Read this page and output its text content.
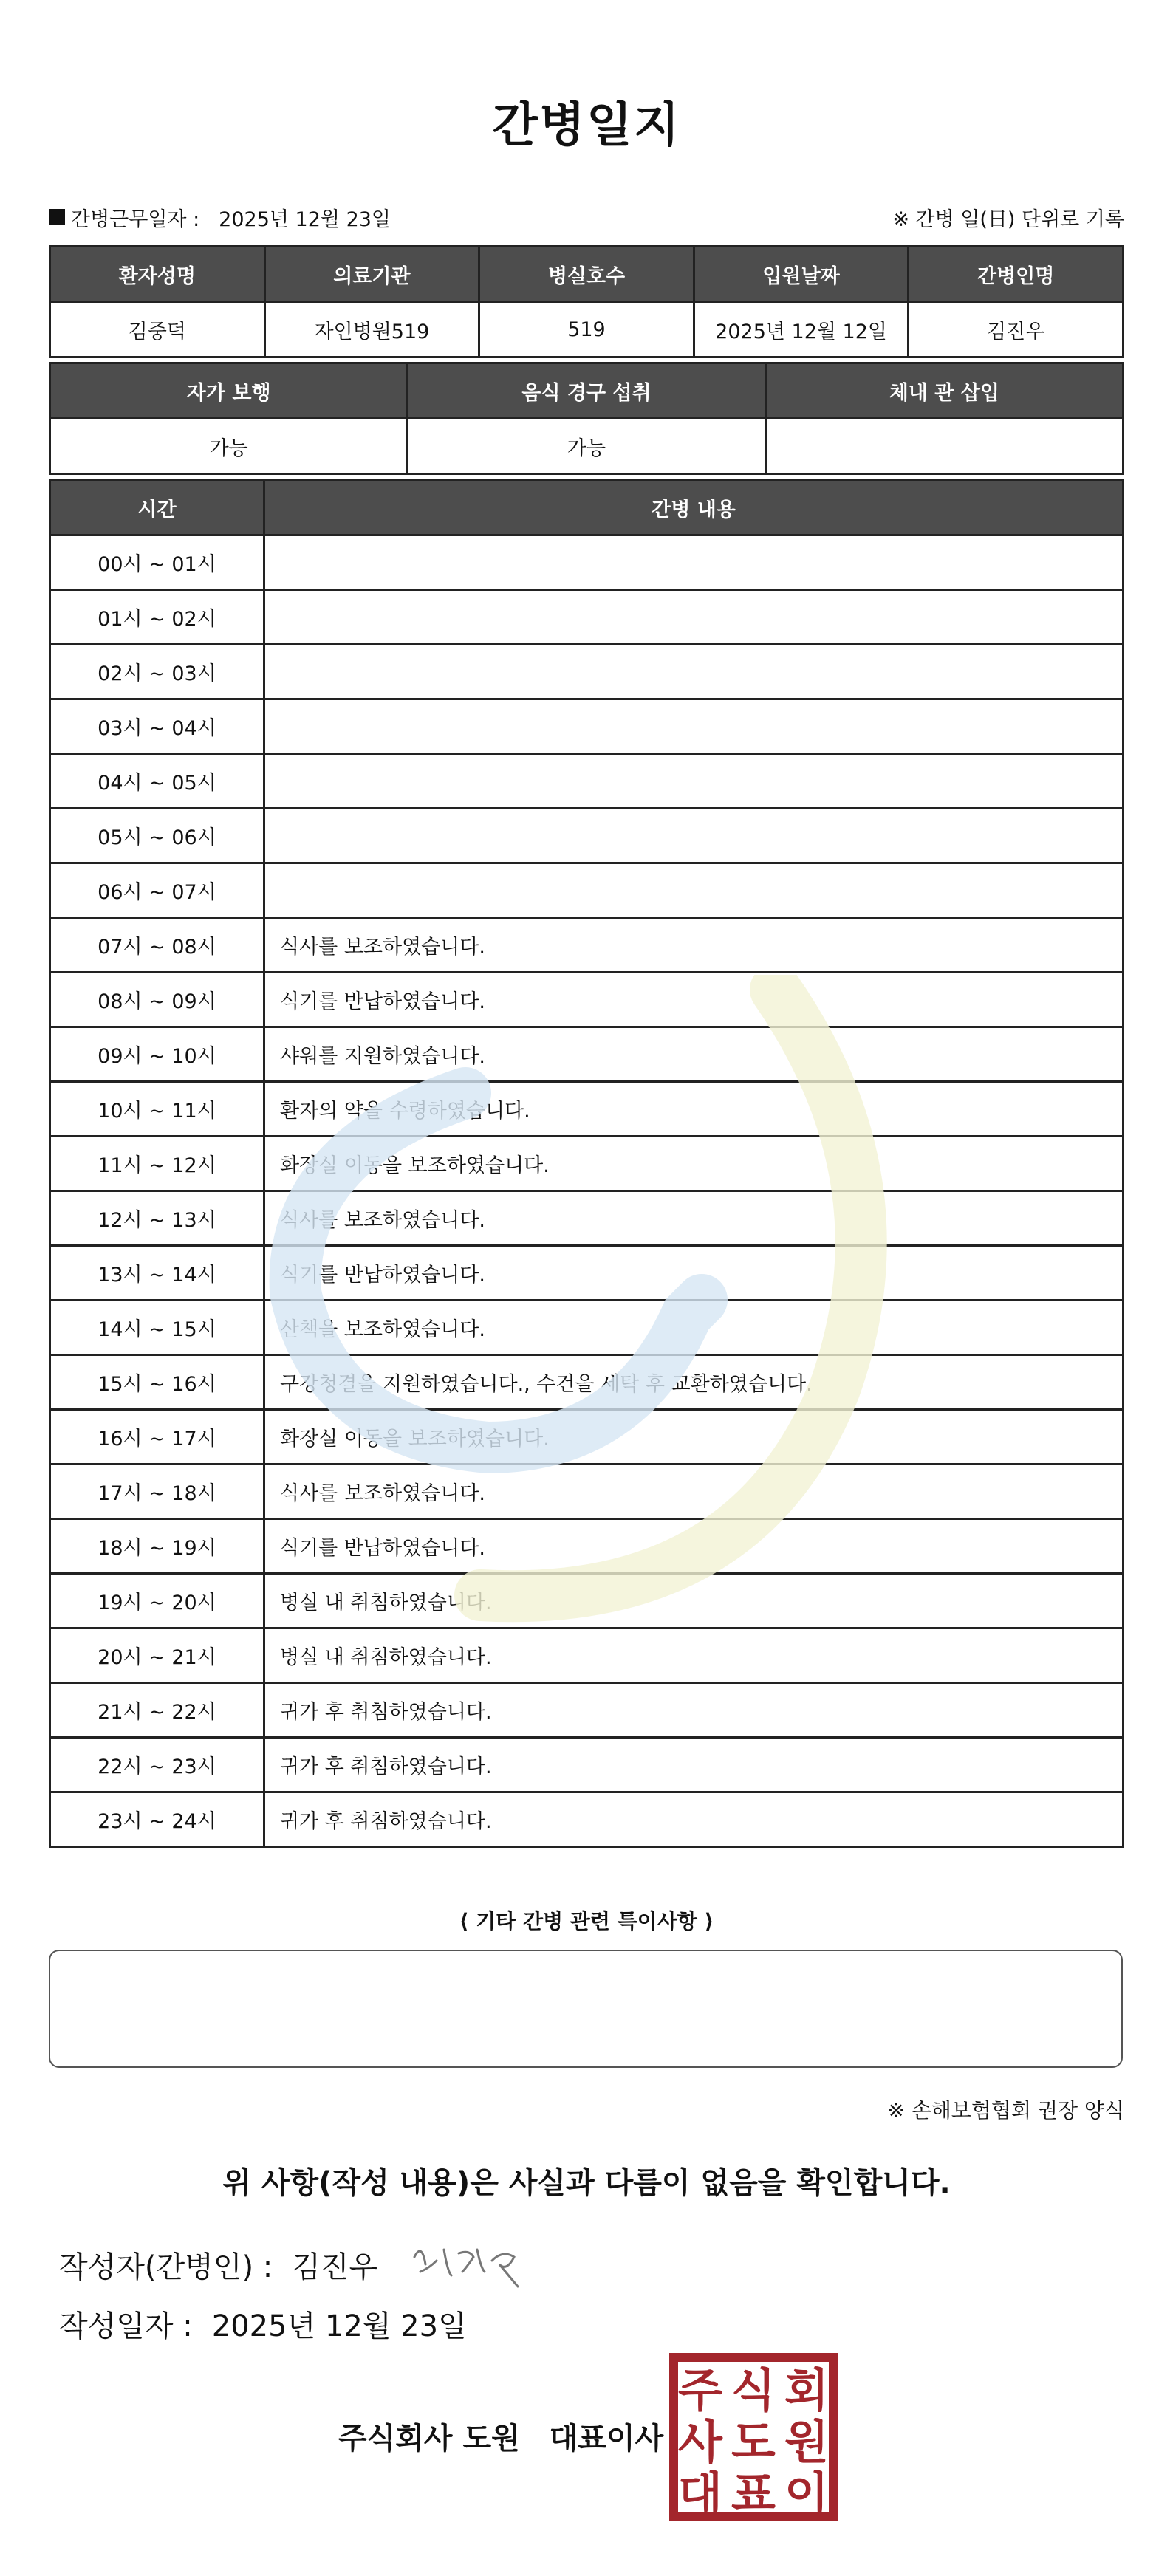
간병일지
간병근무일자 : 2025년 12월 23일	※ 간병 일(日) 단위로 기록
환자성명	의료기관	병실호수	입원날짜	간병인명
김중덕	자인병원519	519	2025년 12월 12일	김진우
자가 보행	음식 경구 섭취	체내 관 삽입
가능	가능	
시간	간병 내용
00시 ~ 01시	
01시 ~ 02시	
02시 ~ 03시	
03시 ~ 04시	
04시 ~ 05시	
05시 ~ 06시	
06시 ~ 07시	
07시 ~ 08시	식사를 보조하였습니다.
08시 ~ 09시	식기를 반납하였습니다.
09시 ~ 10시	샤워를 지원하였습니다.
10시 ~ 11시	환자의 약을 수령하였습니다.
11시 ~ 12시	화장실 이동을 보조하였습니다.
12시 ~ 13시	식사를 보조하였습니다.
13시 ~ 14시	식기를 반납하였습니다.
14시 ~ 15시	산책을 보조하였습니다.
15시 ~ 16시	구강청결을 지원하였습니다., 수건을 세탁 후 교환하였습니다.
16시 ~ 17시	화장실 이동을 보조하였습니다.
17시 ~ 18시	식사를 보조하였습니다.
18시 ~ 19시	식기를 반납하였습니다.
19시 ~ 20시	병실 내 취침하였습니다.
20시 ~ 21시	병실 내 취침하였습니다.
21시 ~ 22시	귀가 후 취침하였습니다.
22시 ~ 23시	귀가 후 취침하였습니다.
23시 ~ 24시	귀가 후 취침하였습니다.
⟨ 기타 간병 관련 특이사항 ⟩
※ 손해보험협회 권장 양식
위 사항(작성 내용)은 사실과 다름이 없음을 확인합니다.
작성자(간병인) : 김진우
작성일자 : 2025년 12월 23일
주식회사 도원 대표이사
주 식 회
사 도 원
대 표 이
